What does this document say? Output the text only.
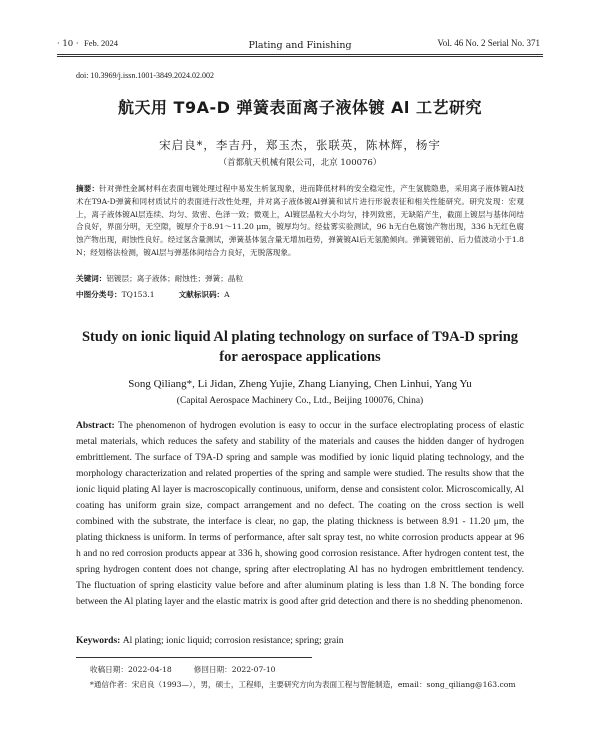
· 10 · Feb. 2024	Plating and Finishing	Vol. 46 No. 2 Serial No. 371
doi: 10.3969/j.issn.1001-3849.2024.02.002
航天用 T9A-D 弹簧表面离子液体镀 Al 工艺研究
宋启良*，李吉丹，郑玉杰，张联英，陈林辉，杨宇
（首都航天机械有限公司，北京 100076）
摘要：针对弹性金属材料在表面电镀处理过程中易发生析氢现象，进而降低材料的安全稳定性，产生氢脆隐患，采用离子液体镀Al技术在T9A-D弹簧和同材质试片的表面进行改性处理，并对离子液体镀Al弹簧和试片进行形貌表征和相关性能研究。研究发现：宏观上，离子液体镀Al层连续、均匀、致密、色泽一致；微观上，Al镀层晶粒大小均匀，排列致密，无缺陷产生，截面上镀层与基体间结合良好，界面分明，无空隙，镀厚介于8.91～11.20 μm，镀厚均匀。经盐雾实验测试，96 h无白色腐蚀产物出现，336 h无红色腐蚀产物出现，耐蚀性良好。经过氢含量测试，弹簧基体氢含量无增加趋势，弹簧镀Al后无氢脆倾向。弹簧镀铝前、后力值波动小于1.8 N；经划格法检测，镀Al层与弹基体间结合力良好，无脱落现象。
关键词：铝镀层；离子液体；耐蚀性；弹簧；晶粒
中图分类号：TQ153.1	文献标识码：A
Study on ionic liquid Al plating technology on surface of T9A-D spring
for aerospace applications
Song Qiliang*, Li Jidan, Zheng Yujie, Zhang Lianying, Chen Linhui, Yang Yu
(Capital Aerospace Machinery Co., Ltd., Beijing 100076, China)
Abstract: The phenomenon of hydrogen evolution is easy to occur in the surface electroplating process of elastic metal materials, which reduces the safety and stability of the materials and causes the hidden danger of hydrogen embrittlement. The surface of T9A-D spring and sample was modified by ionic liquid plating technology, and the morphology characterization and related properties of the spring and sample were studied. The results show that the ionic liquid plating Al layer is macroscopically continuous, uniform, dense and consistent color. Microscomically, Al coating has uniform grain size, compact arrangement and no defect. The coating on the cross section is well combined with the substrate, the interface is clear, no gap, the plating thickness is between 8.91 - 11.20 μm, the plating thickness is uniform. In terms of performance, after salt spray test, no white corrosion products appear at 96 h and no red corrosion products appear at 336 h, showing good corrosion resistance. After hydrogen content test, the spring hydrogen content does not change, spring after electroplating Al has no hydrogen embrittlement tendency. The fluctuation of spring elasticity value before and after aluminum plating is less than 1.8 N. The bonding force between the Al plating layer and the elastic matrix is good after grid detection and there is no shedding phenomenon.
Keywords: Al plating; ionic liquid; corrosion resistance; spring; grain
收稿日期：2022-04-18	修回日期：2022-07-10
*通信作者：宋启良（1993—），男，硕士，工程师，主要研究方向为表面工程与智能制造，email：song_qiliang@163.com
